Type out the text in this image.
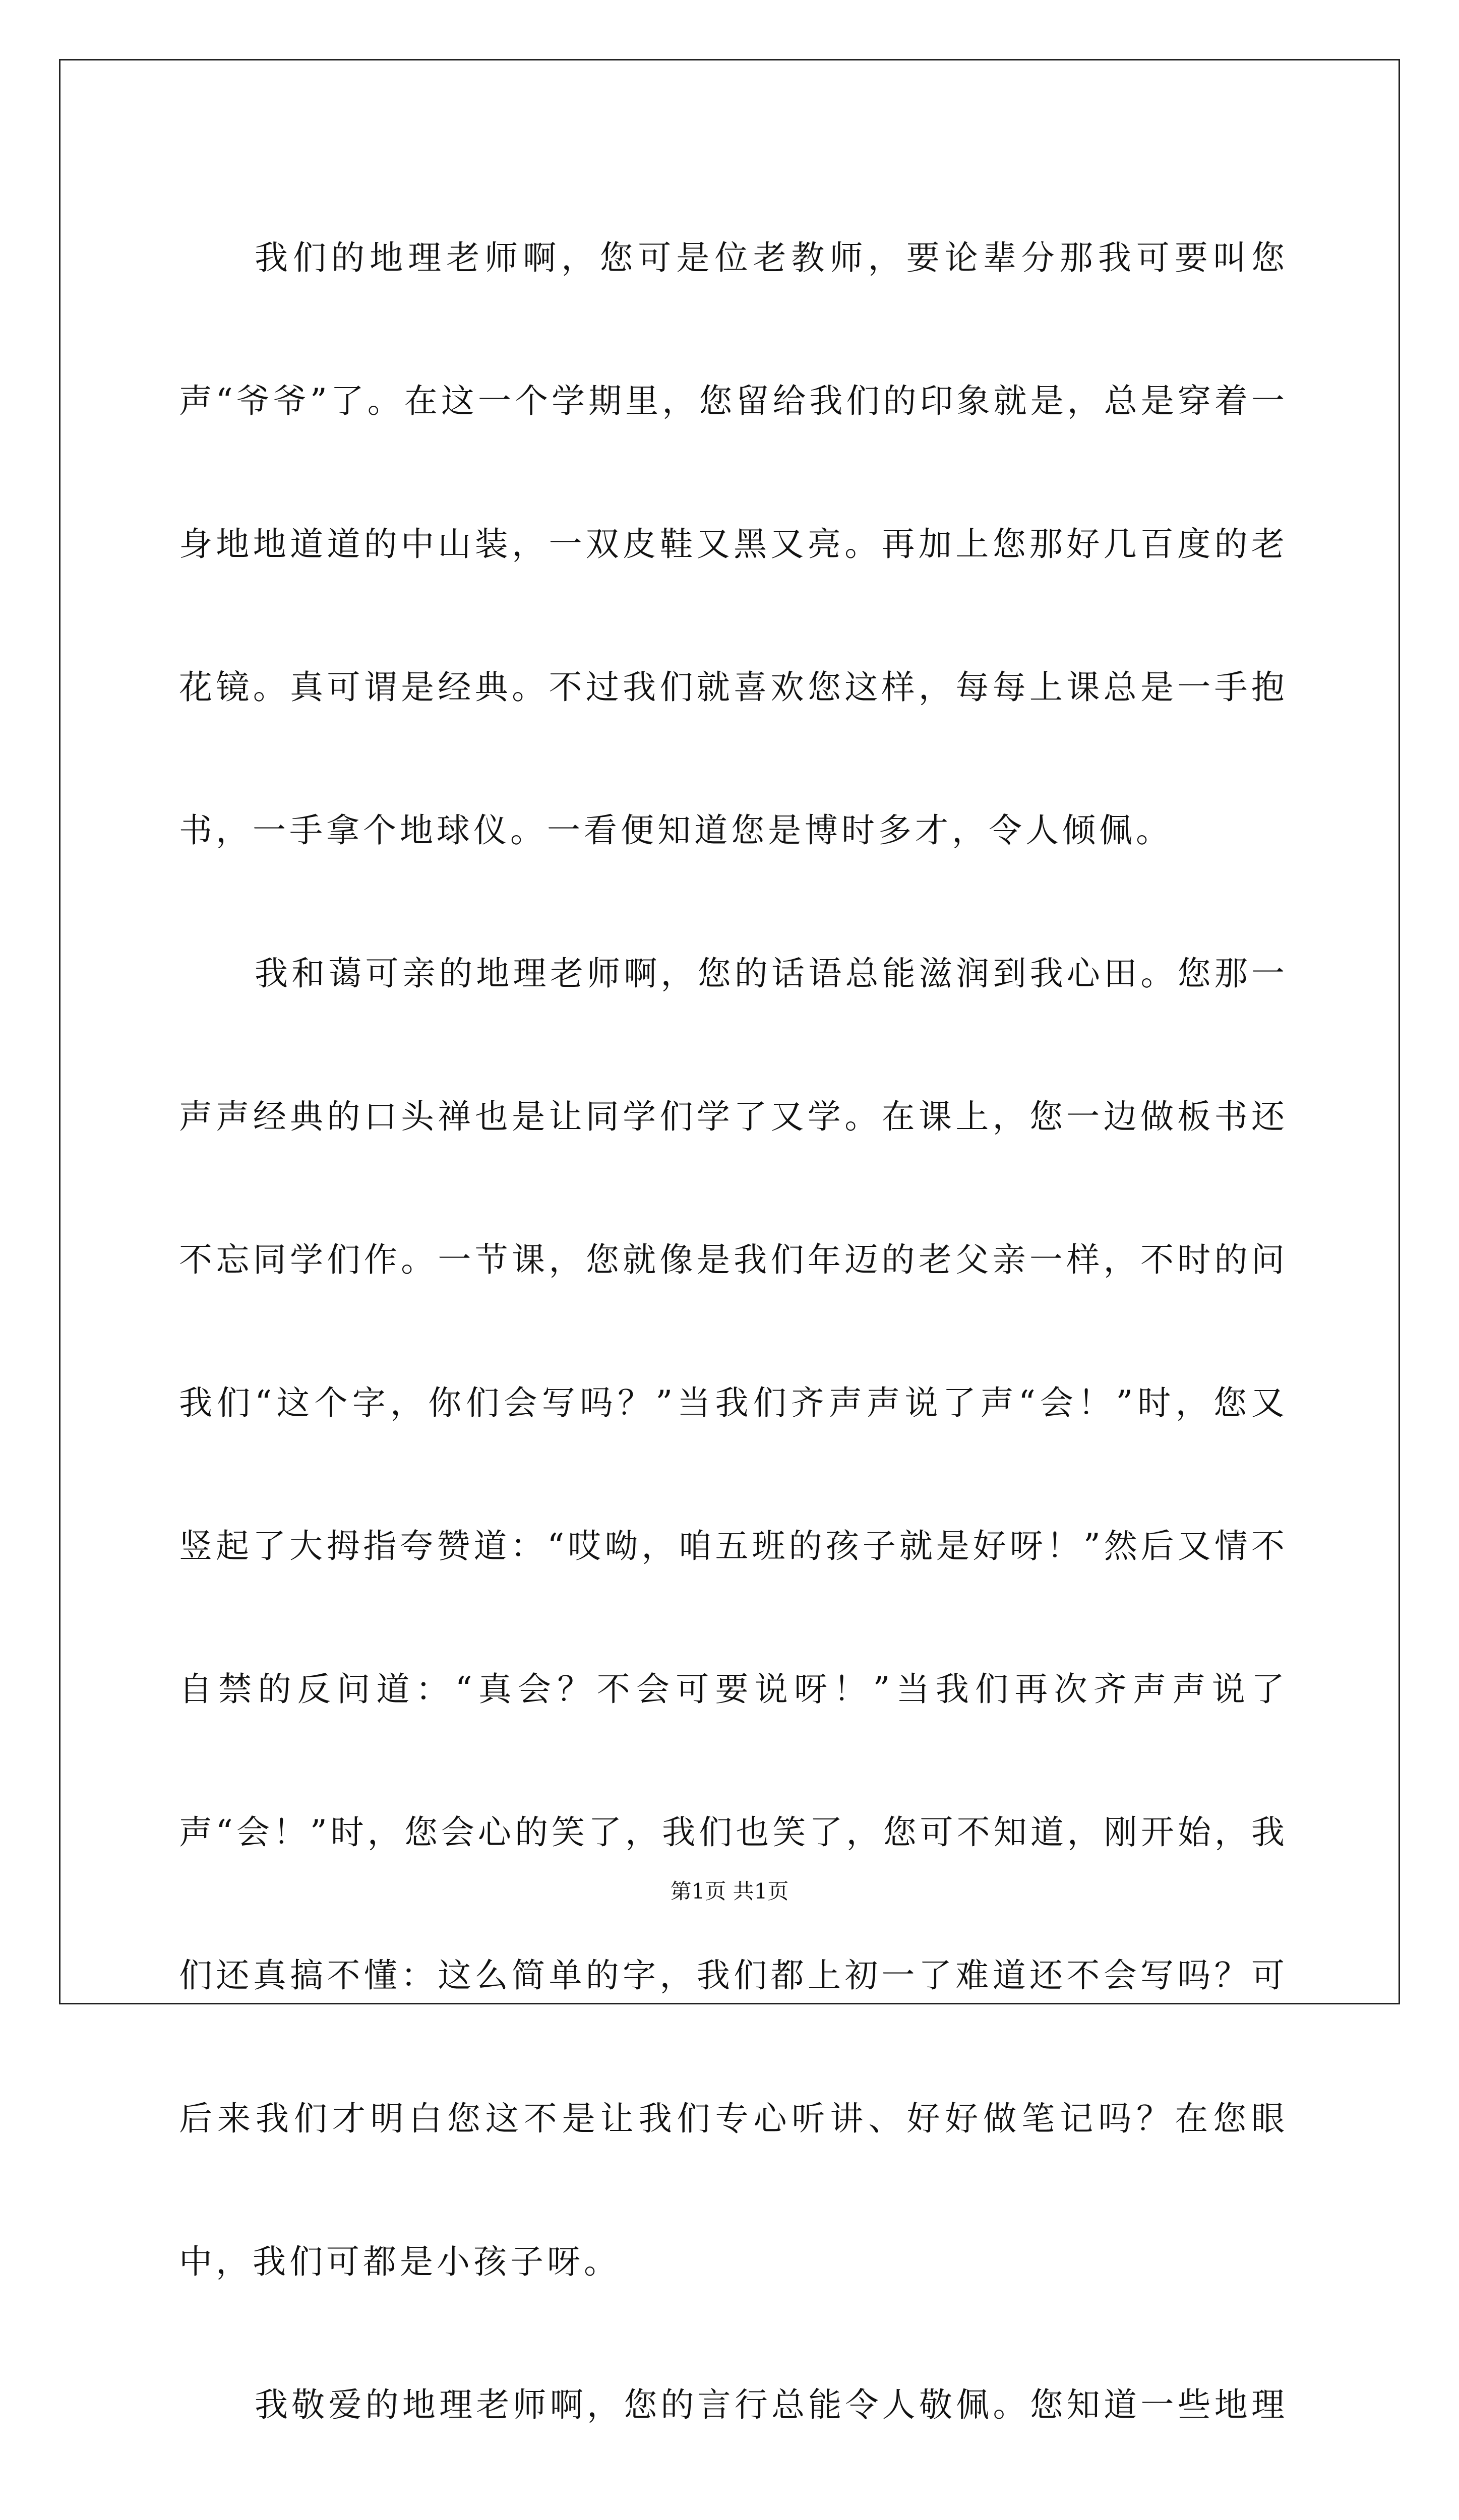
我们的地理老师啊，您可是位老教师，要论辈分那我可要叫您声“爷爷”了。在这一个学期里，您留给我们的印象就是，总是穿着一身地地道道的中山装，一双皮鞋又黑又亮。再加上您那好几百度的老花镜。真可谓是经典。不过我们就喜欢您这样，每每上课总是一手抱书，一手拿个地球仪。一看便知道您是博时多才，令人倾佩。

我和蔼可亲的地理老师啊，您的话语总能滋润到我心田。您那一声声经典的口头禅也是让同学们学了又学。在课上，您一边做板书还不忘同学们作。一节课，您就像是我们年迈的老父亲一样，不时的问我们“这个字，你们会写吗？”当我们齐声声说了声“会！”时，您又竖起了大拇指夸赞道：“哎呦，咱五班的孩子就是好呀！”然后又情不自禁的反问道：“真会？不会可要说呀！”当我们再次齐声声说了声“会！”时，您会心的笑了，我们也笑了，您可不知道，刚开始，我们还真搞不懂：这么简单的字，我们都上初一了难道还不会写吗？可后来我们才明白您这不是让我们专心听讲、好好做笔记吗？在您眼中，我们可都是小孩子呀。

我敬爱的地理老师啊，您的言行总能令人敬佩。您知道一些地理

第1页 共1页
